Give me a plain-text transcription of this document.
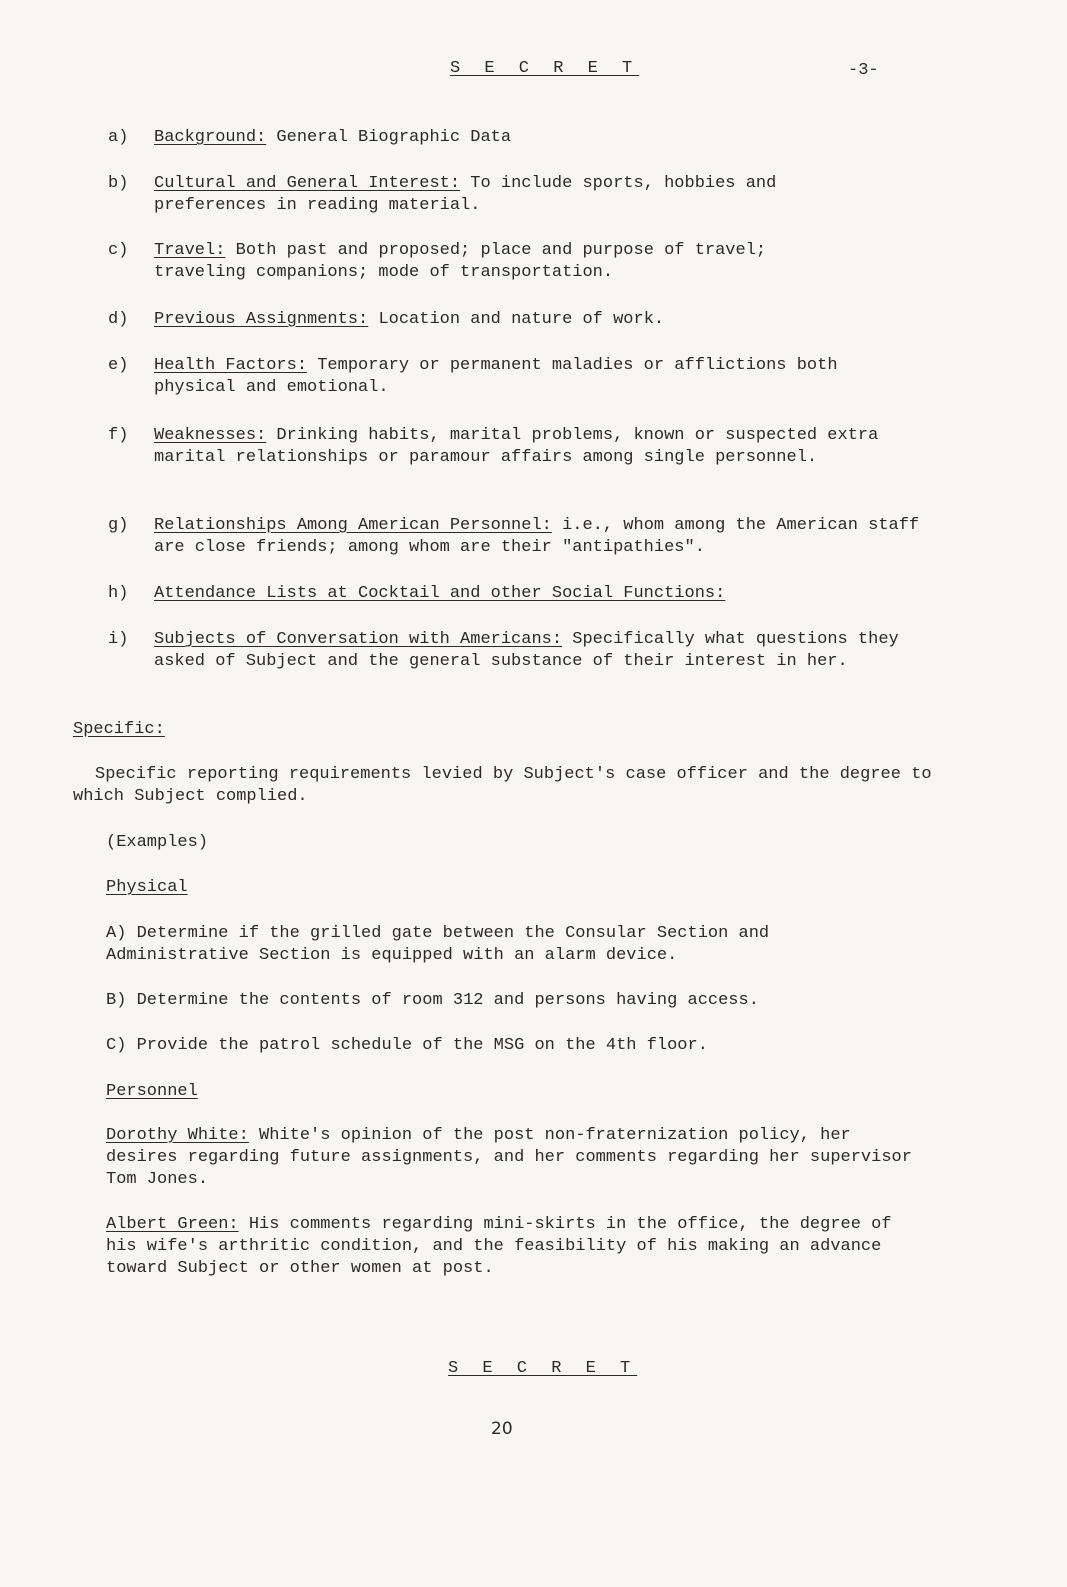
S E C R E T	-3-
a) Background: General Biographic Data
b)	Cultural and General Interest: To include sports, hobbies and preferences in reading material.
c)	Travel: Both past and proposed; place and purpose of travel; traveling companions; mode of transportation.
d) Previous Assignments: Location and nature of work.
e)	Health Factors: Temporary or permanent maladies or afflictions both physical and emotional.
f)	Weaknesses: Drinking habits, marital problems, known or suspected extra marital relationships or paramour affairs among single personnel.
g)	Relationships Among American Personnel: i.e., whom among the American staff are close friends; among whom are their "antipathies".
h) Attendance Lists at Cocktail and other Social Functions:
i)	Subjects of Conversation with Americans: Specifically what questions they asked of Subject and the general substance of their interest in her.
Specific:
Specific reporting requirements levied by Subject's case officer and the degree to which Subject complied.
(Examples)
Physical
A) Determine if the grilled gate between the Consular Section and Administrative Section is equipped with an alarm device.
B) Determine the contents of room 312 and persons having access.
C) Provide the patrol schedule of the MSG on the 4th floor.
Personnel
Dorothy White: White's opinion of the post non-fraternization policy, her desires regarding future assignments, and her comments regarding her supervisor Tom Jones.
Albert Green: His comments regarding mini-skirts in the office, the degree of his wife's arthritic condition, and the feasibility of his making an advance toward Subject or other women at post.
S E C R E T
20
